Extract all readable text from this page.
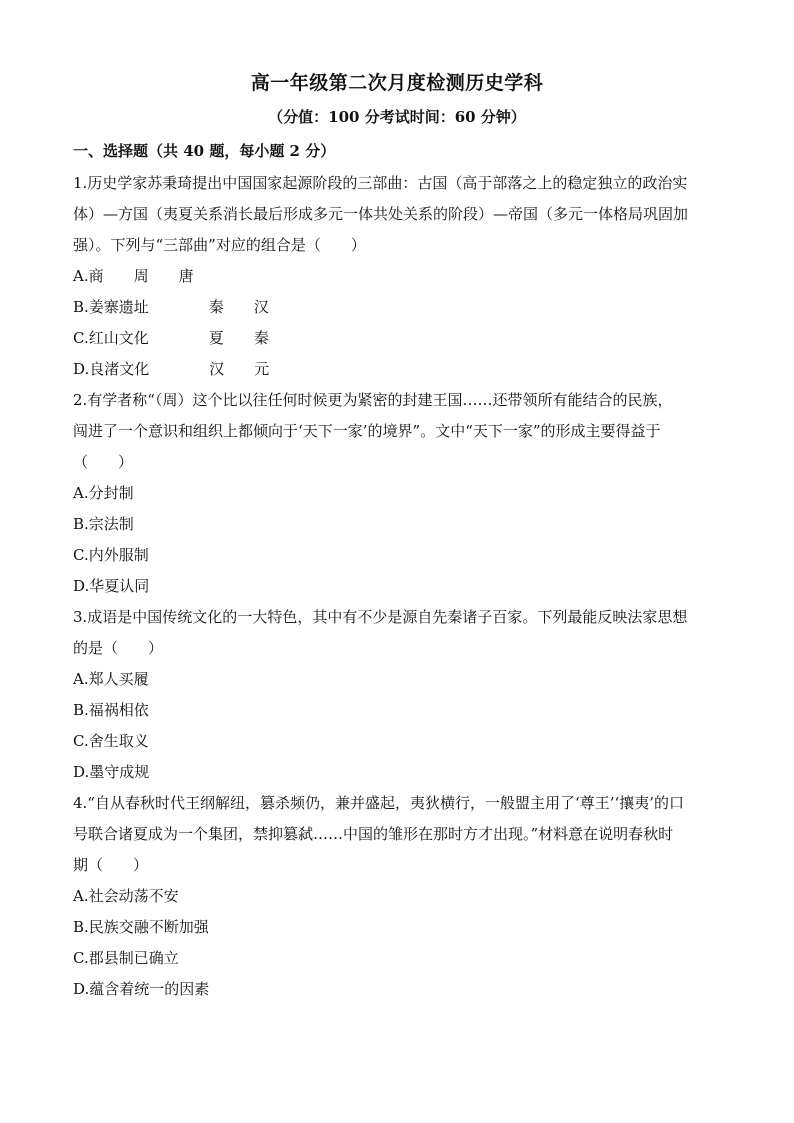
高一年级第二次月度检测历史学科
（分值：100 分考试时间：60 分钟）
一、选择题（共 40 题，每小题 2 分）
1.历史学家苏秉琦提出中国国家起源阶段的三部曲：古国（高于部落之上的稳定独立的政治实
体）—方国（夷夏关系消长最后形成多元一体共处关系的阶段）—帝国（多元一体格局巩固加
强）。下列与“三部曲”对应的组合是（　　）
A.商　　周　　唐
B.姜寨遗址　　　　秦　　汉
C.红山文化　　　　夏　　秦
D.良渚文化　　　　汉　　元
2.有学者称“（周）这个比以往任何时候更为紧密的封建王国……还带领所有能结合的民族，
闯进了一个意识和组织上都倾向于‘天下一家’的境界”。文中“天下一家”的形成主要得益于
（　　）
A.分封制
B.宗法制
C.内外服制
D.华夏认同
3.成语是中国传统文化的一大特色，其中有不少是源自先秦诸子百家。下列最能反映法家思想
的是（　　）
A.郑人买履
B.福祸相依
C.舍生取义
D.墨守成规
4.“自从春秋时代王纲解纽，篡杀频仍，兼并盛起，夷狄横行，一般盟主用了‘尊王’‘攘夷’的口
号联合诸夏成为一个集团，禁抑篡弑……中国的雏形在那时方才出现。”材料意在说明春秋时
期（　　）
A.社会动荡不安
B.民族交融不断加强
C.郡县制已确立
D.蕴含着统一的因素
